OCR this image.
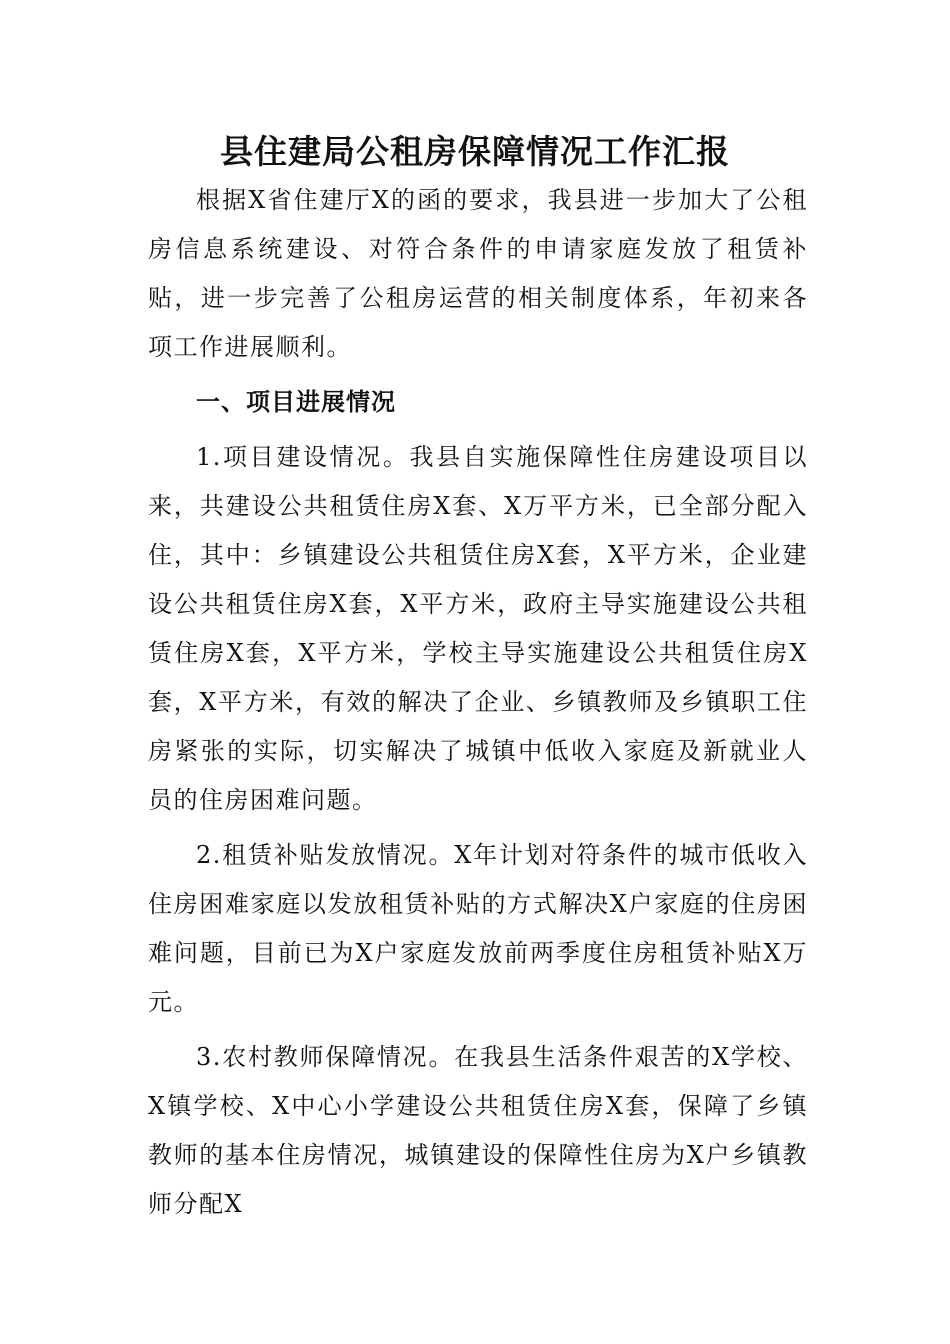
县住建局公租房保障情况工作汇报

根据X省住建厅X的函的要求，我县进一步加大了公租房信息系统建设、对符合条件的申请家庭发放了租赁补贴，进一步完善了公租房运营的相关制度体系，年初来各项工作进展顺利。

一、项目进展情况

1.项目建设情况。我县自实施保障性住房建设项目以来，共建设公共租赁住房X套、X万平方米，已全部分配入住，其中：乡镇建设公共租赁住房X套，X平方米，企业建设公共租赁住房X套，X平方米，政府主导实施建设公共租赁住房X套，X平方米，学校主导实施建设公共租赁住房X套，X平方米，有效的解决了企业、乡镇教师及乡镇职工住房紧张的实际，切实解决了城镇中低收入家庭及新就业人员的住房困难问题。

2.租赁补贴发放情况。X年计划对符条件的城市低收入住房困难家庭以发放租赁补贴的方式解决X户家庭的住房困难问题，目前已为X户家庭发放前两季度住房租赁补贴X万元。

3.农村教师保障情况。在我县生活条件艰苦的X学校、X镇学校、X中心小学建设公共租赁住房X套，保障了乡镇教师的基本住房情况，城镇建设的保障性住房为X户乡镇教师分配X
